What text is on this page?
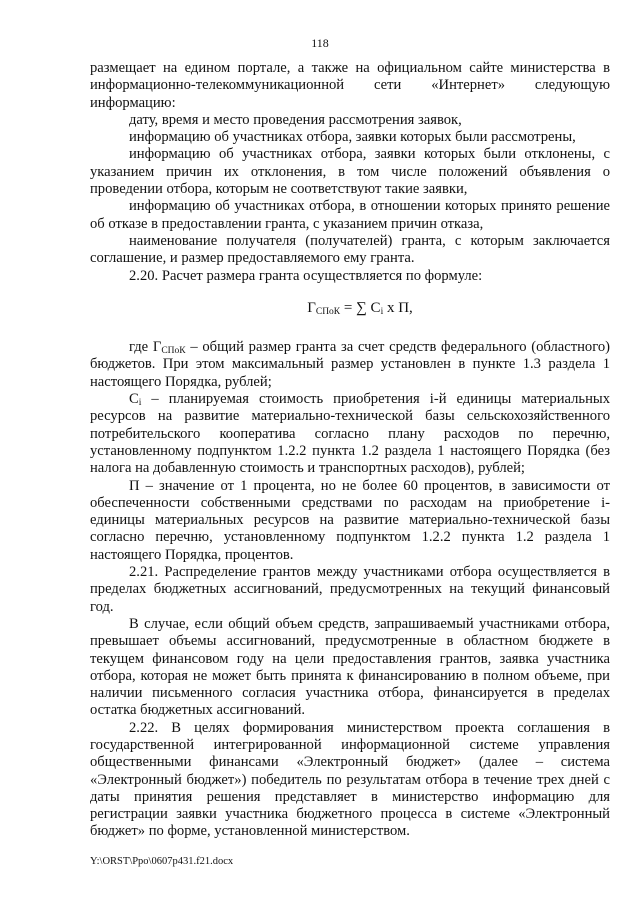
118

размещает на едином портале, а также на официальном сайте министерства в информационно-телекоммуникационной сети «Интернет» следующую информацию:

дату, время и место проведения рассмотрения заявок,

информацию об участниках отбора, заявки которых были рассмотрены,

информацию об участниках отбора, заявки которых были отклонены, с указанием причин их отклонения, в том числе положений объявления о проведении отбора, которым не соответствуют такие заявки,

информацию об участниках отбора, в отношении которых принято решение об отказе в предоставлении гранта, с указанием причин отказа,

наименование получателя (получателей) гранта, с которым заключается соглашение, и размер предоставляемого ему гранта.

2.20. Расчет размера гранта осуществляется по формуле:

$Г_{СПоК}$ = ∑ $С_i$ х П,

где $Г_{СПоК}$ – общий размер гранта за счет средств федерального (областного) бюджетов. При этом максимальный размер установлен в пункте 1.3 раздела 1 настоящего Порядка, рублей;

$С_i$ – планируемая стоимость приобретения i-й единицы материальных ресурсов на развитие материально-технической базы сельскохозяйственного потребительского кооператива согласно плану расходов по перечню, установленному подпунктом 1.2.2 пункта 1.2 раздела 1 настоящего Порядка (без налога на добавленную стоимость и транспортных расходов), рублей;

П – значение от 1 процента, но не более 60 процентов, в зависимости от обеспеченности собственными средствами по расходам на приобретение i- единицы материальных ресурсов на развитие материально-технической базы согласно перечню, установленному подпунктом 1.2.2 пункта 1.2 раздела 1 настоящего Порядка, процентов.

2.21. Распределение грантов между участниками отбора осуществляется в пределах бюджетных ассигнований, предусмотренных на текущий финансовый год.

В случае, если общий объем средств, запрашиваемый участниками отбора, превышает объемы ассигнований, предусмотренные в областном бюджете в текущем финансовом году на цели предоставления грантов, заявка участника отбора, которая не может быть принята к финансированию в полном объеме, при наличии письменного согласия участника отбора, финансируется в пределах остатка бюджетных ассигнований.

2.22. В целях формирования министерством проекта соглашения в государственной интегрированной информационной системе управления общественными финансами «Электронный бюджет» (далее – система «Электронный бюджет») победитель по результатам отбора в течение трех дней с даты принятия решения представляет в министерство информацию для регистрации заявки участника бюджетного процесса в системе «Электронный бюджет» по форме, установленной министерством.

Y:\ORST\Ppo\0607p431.f21.docx
